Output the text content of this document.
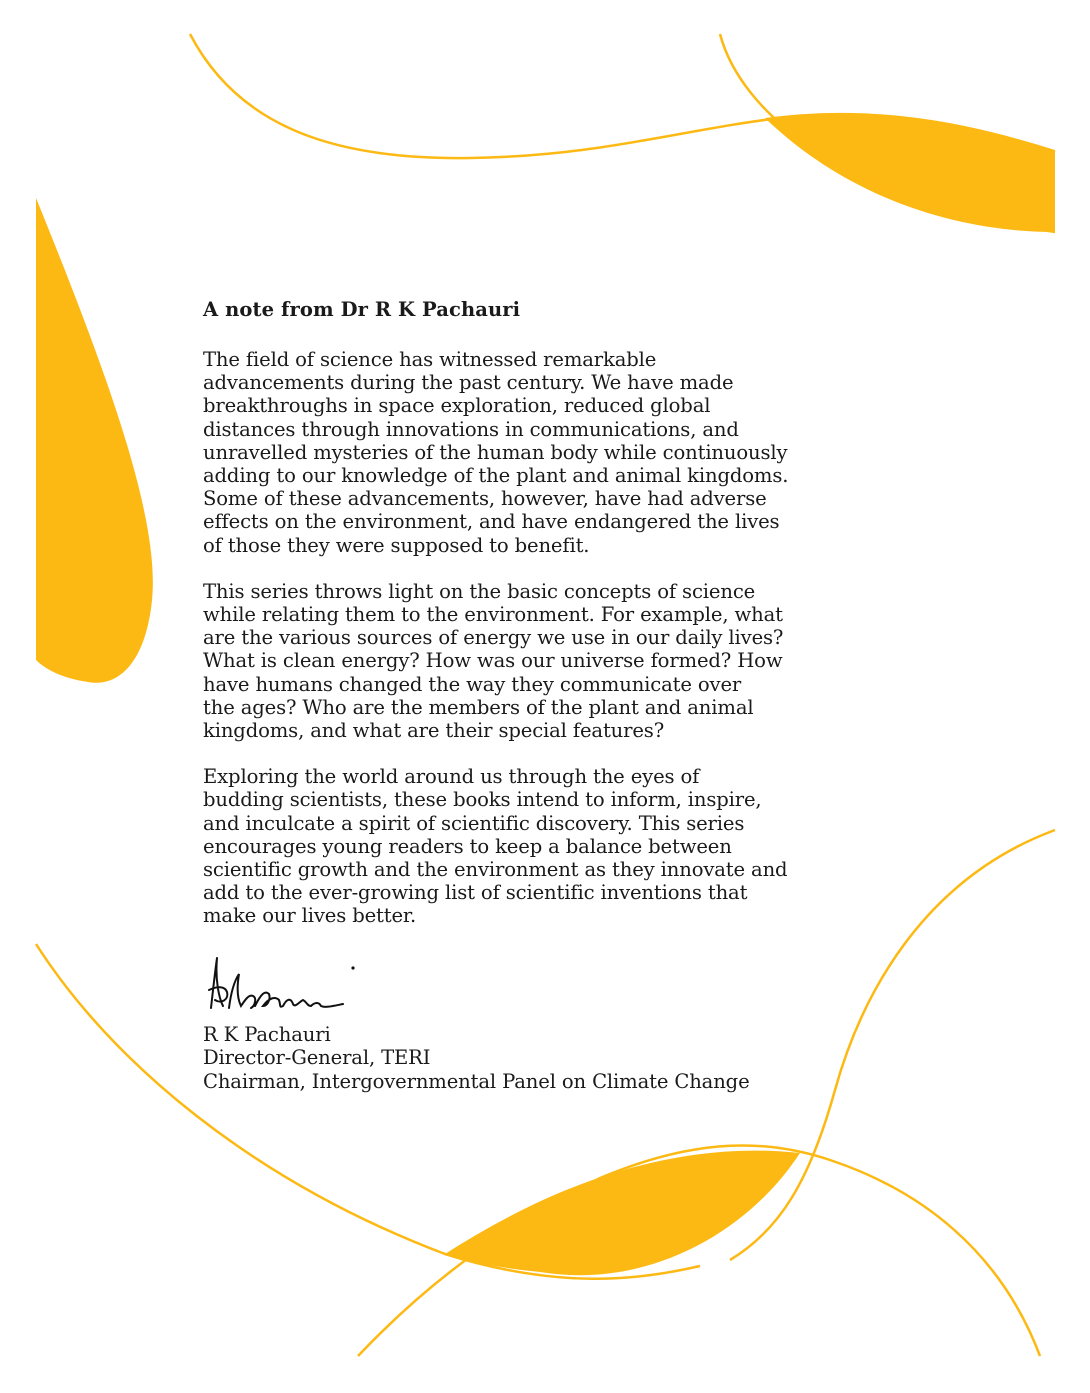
A note from Dr R K Pachauri

The field of science has witnessed remarkable
advancements during the past century. We have made
breakthroughs in space exploration, reduced global
distances through innovations in communications, and
unravelled mysteries of the human body while continuously
adding to our knowledge of the plant and animal kingdoms.
Some of these advancements, however, have had adverse
effects on the environment, and have endangered the lives
of those they were supposed to benefit.

This series throws light on the basic concepts of science
while relating them to the environment. For example, what
are the various sources of energy we use in our daily lives?
What is clean energy? How was our universe formed? How
have humans changed the way they communicate over
the ages? Who are the members of the plant and animal
kingdoms, and what are their special features?

Exploring the world around us through the eyes of
budding scientists, these books intend to inform, inspire,
and inculcate a spirit of scientific discovery. This series
encourages young readers to keep a balance between
scientific growth and the environment as they innovate and
add to the ever-growing list of scientific inventions that
make our lives better.

R K Pachauri
Director-General, TERI
Chairman, Intergovernmental Panel on Climate Change
